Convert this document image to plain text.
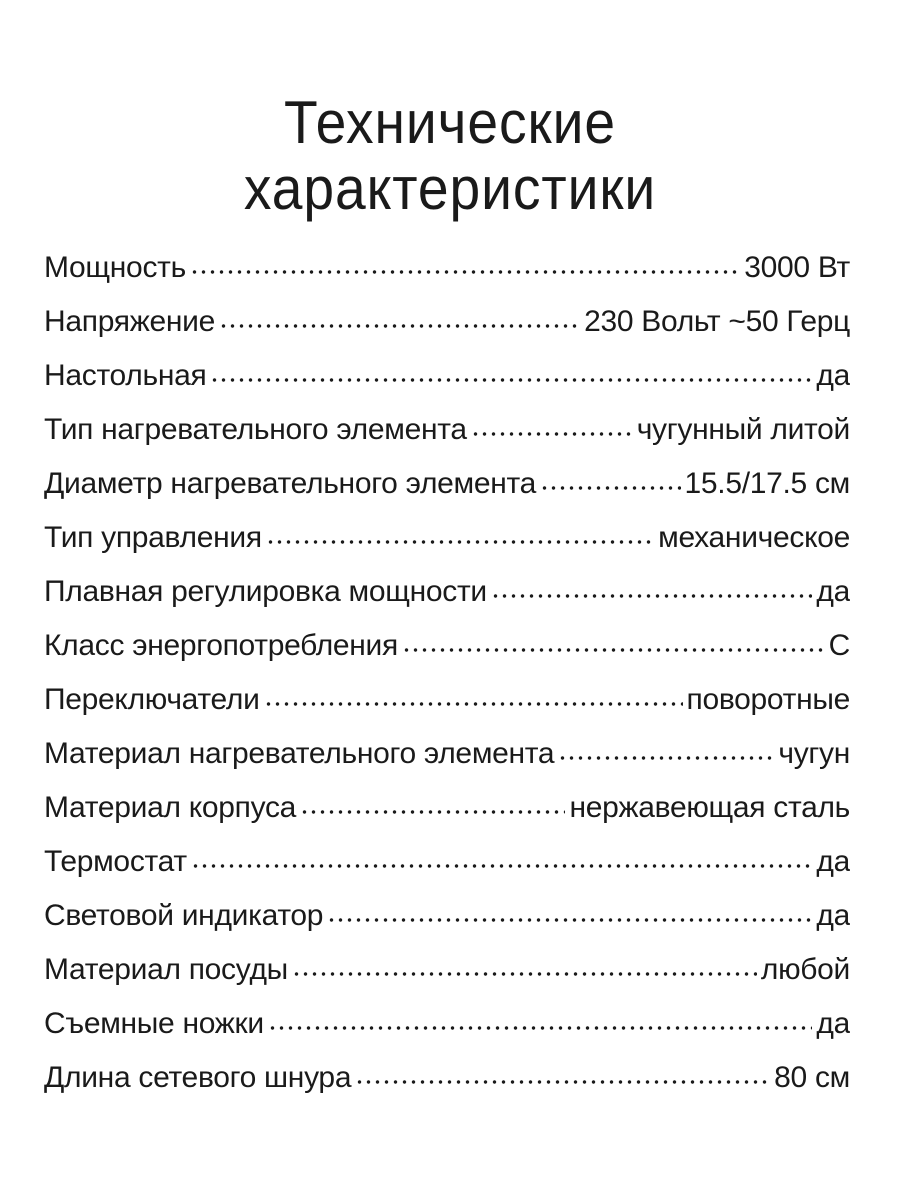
Технические
характеристики
Мощность	3000 Вт
Напряжение	230 Вольт ~50 Герц
Настольная	да
Тип нагревательного элемента	чугунный литой
Диаметр нагревательного элемента	15.5/17.5 см
Тип управления	механическое
Плавная регулировка мощности	да
Класс энергопотребления	С
Переключатели	поворотные
Материал нагревательного элемента	чугун
Материал корпуса	нержавеющая сталь
Термостат	да
Световой индикатор	да
Материал посуды	любой
Съемные ножки	да
Длина сетевого шнура	80 см
